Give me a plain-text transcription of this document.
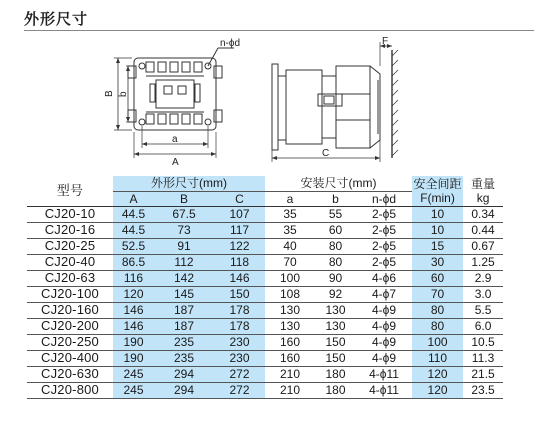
外形尺寸
n-ϕd
B b
a
A
C
F
型号	外形尺寸(mm)			安装尺寸(mm)			安全间距	重量
	A	B	C	a	b	n-ϕd	F(min)	kg
CJ20-10	44.5	67.5	107	35	55	2-ϕ5	10	0.34
CJ20-16	44.5	73	117	35	60	2-ϕ5	10	0.44
CJ20-25	52.5	91	122	40	80	2-ϕ5	15	0.67
CJ20-40	86.5	112	118	70	80	2-ϕ5	30	1.25
CJ20-63	116	142	146	100	90	4-ϕ6	60	2.9
CJ20-100	120	145	150	108	92	4-ϕ7	70	3.0
CJ20-160	146	187	178	130	130	4-ϕ9	80	5.5
CJ20-200	146	187	178	130	130	4-ϕ9	80	6.0
CJ20-250	190	235	230	160	150	4-ϕ9	100	10.5
CJ20-400	190	235	230	160	150	4-ϕ9	110	11.3
CJ20-630	245	294	272	210	180	4-ϕ11	120	21.5
CJ20-800	245	294	272	210	180	4-ϕ11	120	23.5
